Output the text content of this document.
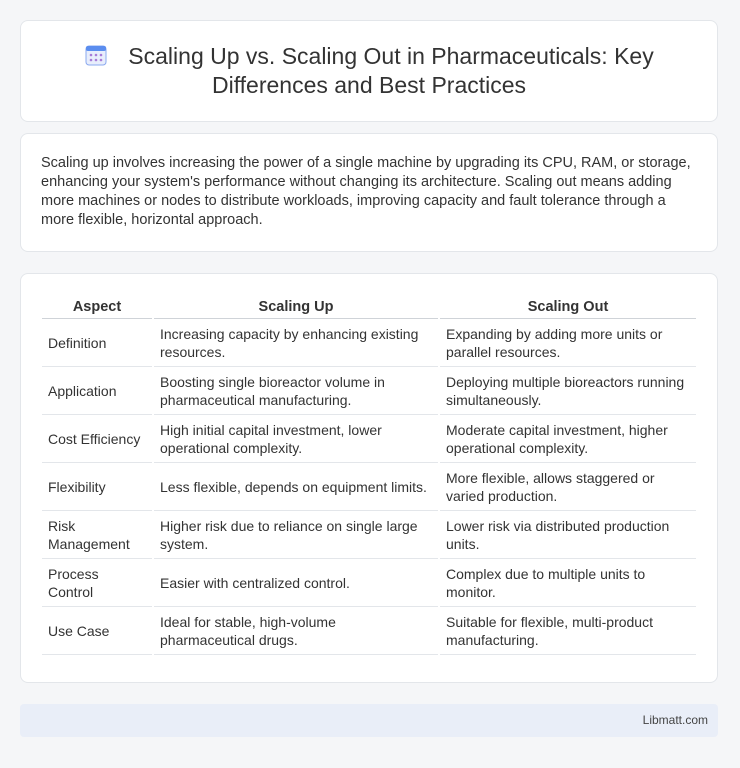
Scaling Up vs. Scaling Out in Pharmaceuticals: Key Differences and Best Practices
Scaling up involves increasing the power of a single machine by upgrading its CPU, RAM, or storage, enhancing your system's performance without changing its architecture. Scaling out means adding more machines or nodes to distribute workloads, improving capacity and fault tolerance through a more flexible, horizontal approach.
Aspect	Scaling Up	Scaling Out
Definition	Increasing capacity by enhancing existing resources.	Expanding by adding more units or parallel resources.
Application	Boosting single bioreactor volume in pharmaceutical manufacturing.	Deploying multiple bioreactors running simultaneously.
Cost Efficiency	High initial capital investment, lower operational complexity.	Moderate capital investment, higher operational complexity.
Flexibility	Less flexible, depends on equipment limits.	More flexible, allows staggered or varied production.
Risk Management	Higher risk due to reliance on single large system.	Lower risk via distributed production units.
Process Control	Easier with centralized control.	Complex due to multiple units to monitor.
Use Case	Ideal for stable, high-volume pharmaceutical drugs.	Suitable for flexible, multi-product manufacturing.
Libmatt.com
